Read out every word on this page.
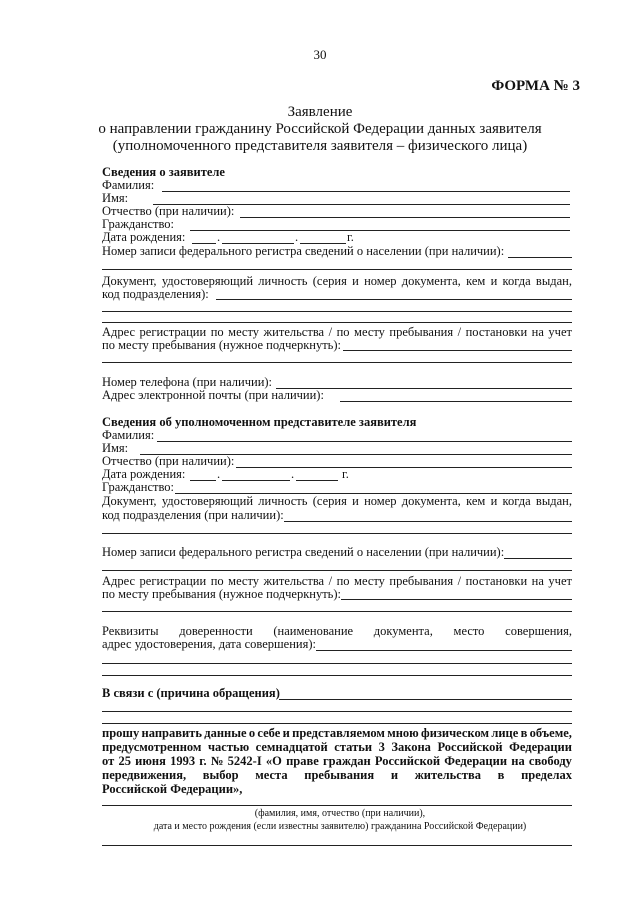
30
ФОРМА № 3
Заявление
о направлении гражданину Российской Федерации данных заявителя
(уполномоченного представителя заявителя – физического лица)
Сведения о заявителе
Фамилия:
Имя:
Отчество (при наличии):
Гражданство:
Дата рождения:	.	.	г.
Номер записи федерального регистра сведений о населении (при наличии):
Документ, удостоверяющий личность (серия и номер документа, кем и когда выдан,
код подразделения):
Адрес регистрации по месту жительства / по месту пребывания / постановки на учет
по месту пребывания (нужное подчеркнуть):
Номер телефона (при наличии):
Адрес электронной почты (при наличии):
Сведения об уполномоченном представителе заявителя
Фамилия:
Имя:
Отчество (при наличии):
Дата рождения:	.	.	г.
Гражданство:
Документ, удостоверяющий личность (серия и номер документа, кем и когда выдан,
код подразделения (при наличии):
Номер записи федерального регистра сведений о населении (при наличии):
Адрес регистрации по месту жительства / по месту пребывания / постановки на учет
по месту пребывания (нужное подчеркнуть):
Реквизиты доверенности (наименование документа, место совершения,
адрес удостоверения, дата совершения):
В связи с (причина обращения)
прошу направить данные о себе и представляемом мною физическом лице в объеме,
предусмотренном частью семнадцатой статьи 3 Закона Российской Федерации
от 25 июня 1993 г. № 5242-I «О праве граждан Российской Федерации на свободу
передвижения, выбор места пребывания и жительства в пределах
Российской Федерации»,
(фамилия, имя, отчество (при наличии),
дата и место рождения (если известны заявителю) гражданина Российской Федерации)
